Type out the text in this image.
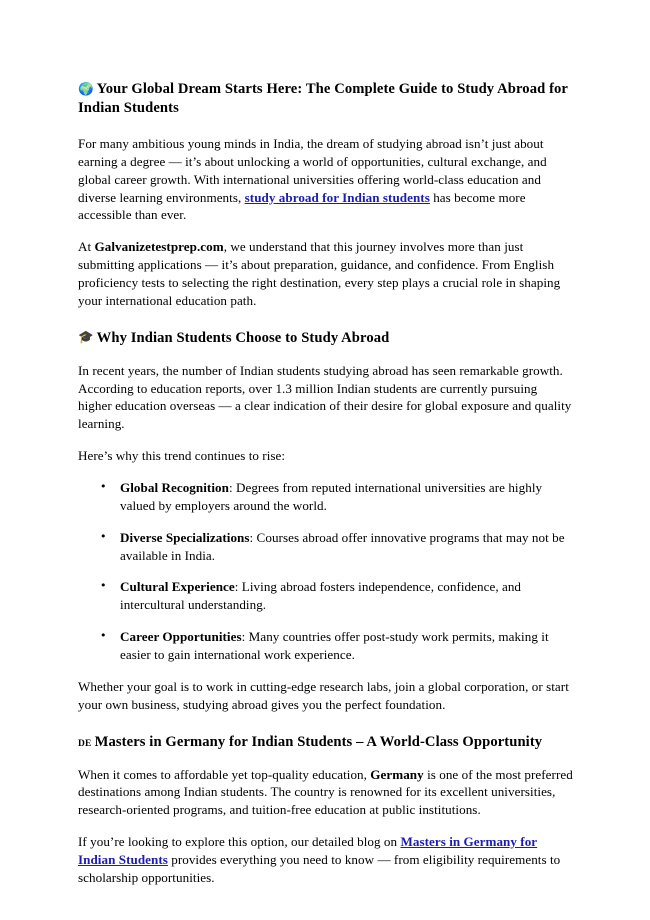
🌍 Your Global Dream Starts Here: The Complete Guide to Study Abroad for Indian Students

For many ambitious young minds in India, the dream of studying abroad isn’t just about earning a degree — it’s about unlocking a world of opportunities, cultural exchange, and global career growth. With international universities offering world-class education and diverse learning environments, study abroad for Indian students has become more accessible than ever.

At Galvanizetestprep.com, we understand that this journey involves more than just submitting applications — it’s about preparation, guidance, and confidence. From English proficiency tests to selecting the right destination, every step plays a crucial role in shaping your international education path.

🎓 Why Indian Students Choose to Study Abroad

In recent years, the number of Indian students studying abroad has seen remarkable growth. According to education reports, over 1.3 million Indian students are currently pursuing higher education overseas — a clear indication of their desire for global exposure and quality learning.

Here’s why this trend continues to rise:

• Global Recognition: Degrees from reputed international universities are highly valued by employers around the world.
• Diverse Specializations: Courses abroad offer innovative programs that may not be available in India.
• Cultural Experience: Living abroad fosters independence, confidence, and intercultural understanding.
• Career Opportunities: Many countries offer post-study work permits, making it easier to gain international work experience.

Whether your goal is to work in cutting-edge research labs, join a global corporation, or start your own business, studying abroad gives you the perfect foundation.

DE Masters in Germany for Indian Students – A World-Class Opportunity

When it comes to affordable yet top-quality education, Germany is one of the most preferred destinations among Indian students. The country is renowned for its excellent universities, research-oriented programs, and tuition-free education at public institutions.

If you’re looking to explore this option, our detailed blog on Masters in Germany for Indian Students provides everything you need to know — from eligibility requirements to scholarship opportunities.
